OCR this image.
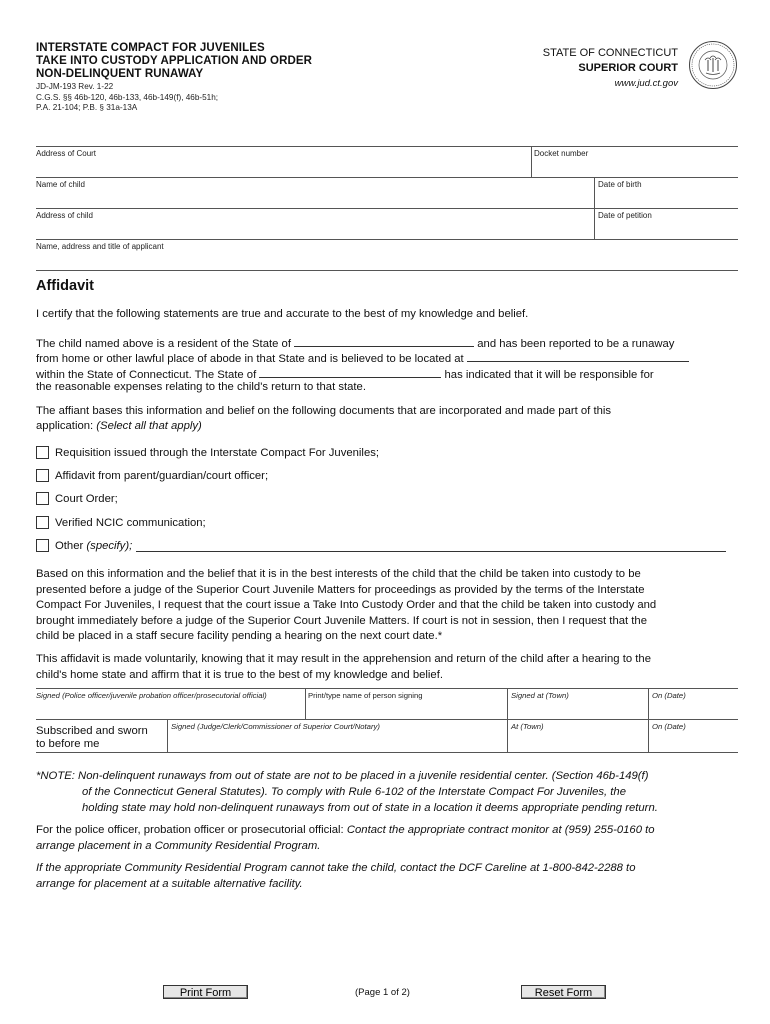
INTERSTATE COMPACT FOR JUVENILES
TAKE INTO CUSTODY APPLICATION AND ORDER
NON-DELINQUENT RUNAWAY
JD-JM-193 Rev. 1-22
C.G.S. §§ 46b-120, 46b-133, 46b-149(f), 46b-51h;
P.A. 21-104; P.B. § 31a-13A
STATE OF CONNECTICUT
SUPERIOR COURT
www.jud.ct.gov
Address of Court	Docket number
Name of child	Date of birth
Address of child	Date of petition
Name, address and title of applicant
Affidavit
I certify that the following statements are true and accurate to the best of my knowledge and belief.
The child named above is a resident of the State of	and has been reported to be a runaway
from home or other lawful place of abode in that State and is believed to be located at
within the State of Connecticut. The State of	has indicated that it will be responsible for
the reasonable expenses relating to the child's return to that state.
The affiant bases this information and belief on the following documents that are incorporated and made part of this
application: (Select all that apply)
Requisition issued through the Interstate Compact For Juveniles;
Affidavit from parent/guardian/court officer;
Court Order;
Verified NCIC communication;
Other
(specify);
Based on this information and the belief that it is in the best interests of the child that the child be taken into custody to be
presented before a judge of the Superior Court Juvenile Matters for proceedings as provided by the terms of the Interstate
Compact For Juveniles, I request that the court issue a Take Into Custody Order and that the child be taken into custody and
brought immediately before a judge of the Superior Court Juvenile Matters. If court is not in session, then I request that the
child be placed in a staff secure facility pending a hearing on the next court date.*
This affidavit is made voluntarily, knowing that it may result in the apprehension and return of the child after a hearing to the
child's home state and affirm that it is true to the best of my knowledge and belief.
Signed (Police officer/juvenile probation officer/prosecutorial official)	Print/type name of person signing	Signed at (Town)	On (Date)
Subscribed and sworn
to before me
Signed (Judge/Clerk/Commissioner of Superior Court/Notary)	At (Town)	On (Date)
*NOTE: Non-delinquent runaways from out of state are not to be placed in a juvenile residential center. (Section 46b-149(f)
of the Connecticut General Statutes). To comply with Rule 6-102 of the Interstate Compact For Juveniles, the
holding state may hold non-delinquent runaways from out of state in a location it deems appropriate pending return.
For the police officer, probation officer or prosecutorial official: Contact the appropriate contract monitor at (959) 255-0160 to
arrange placement in a Community Residential Program.
If the appropriate Community Residential Program cannot take the child, contact the DCF Careline at 1-800-842-2288 to
arrange for placement at a suitable alternative facility.
Print Form	(Page 1 of 2)	Reset Form
